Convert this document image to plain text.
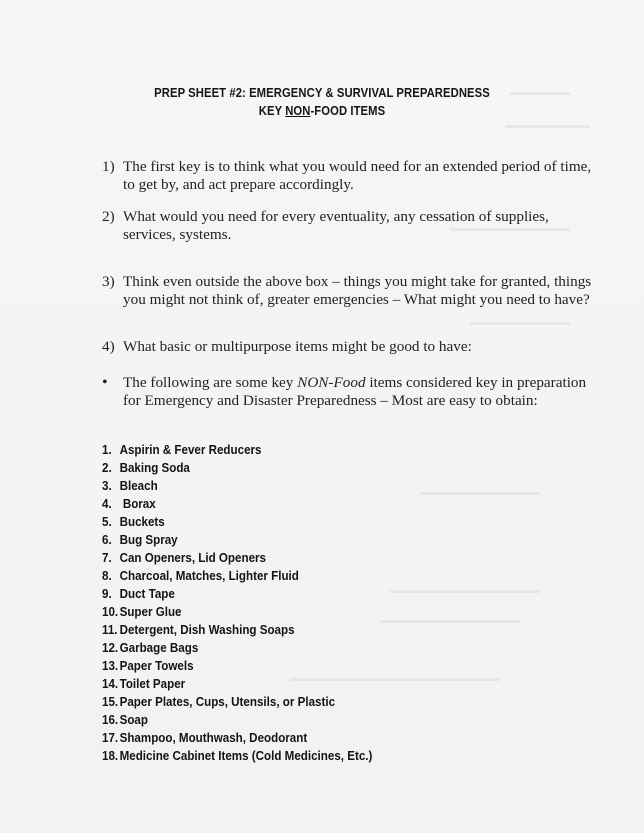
PREP SHEET #2: EMERGENCY & SURVIVAL PREPAREDNESS
KEY NON-FOOD ITEMS
1) The first key is to think what you would need for an extended period of time, to get by, and act prepare accordingly.
2) What would you need for every eventuality, any cessation of supplies, services, systems.
3) Think even outside the above box – things you might take for granted, things you might not think of, greater emergencies – What might you need to have?
4) What basic or multipurpose items might be good to have:
• The following are some key NON-Food items considered key in preparation for Emergency and Disaster Preparedness – Most are easy to obtain:
1. Aspirin & Fever Reducers
2. Baking Soda
3. Bleach
4. Borax
5. Buckets
6. Bug Spray
7. Can Openers, Lid Openers
8. Charcoal, Matches, Lighter Fluid
9. Duct Tape
10.Super Glue
11. Detergent, Dish Washing Soaps
12.Garbage Bags
13.Paper Towels
14.Toilet Paper
15.Paper Plates, Cups, Utensils, or Plastic
16.Soap
17.Shampoo, Mouthwash, Deodorant
18.Medicine Cabinet Items (Cold Medicines, Etc.)
